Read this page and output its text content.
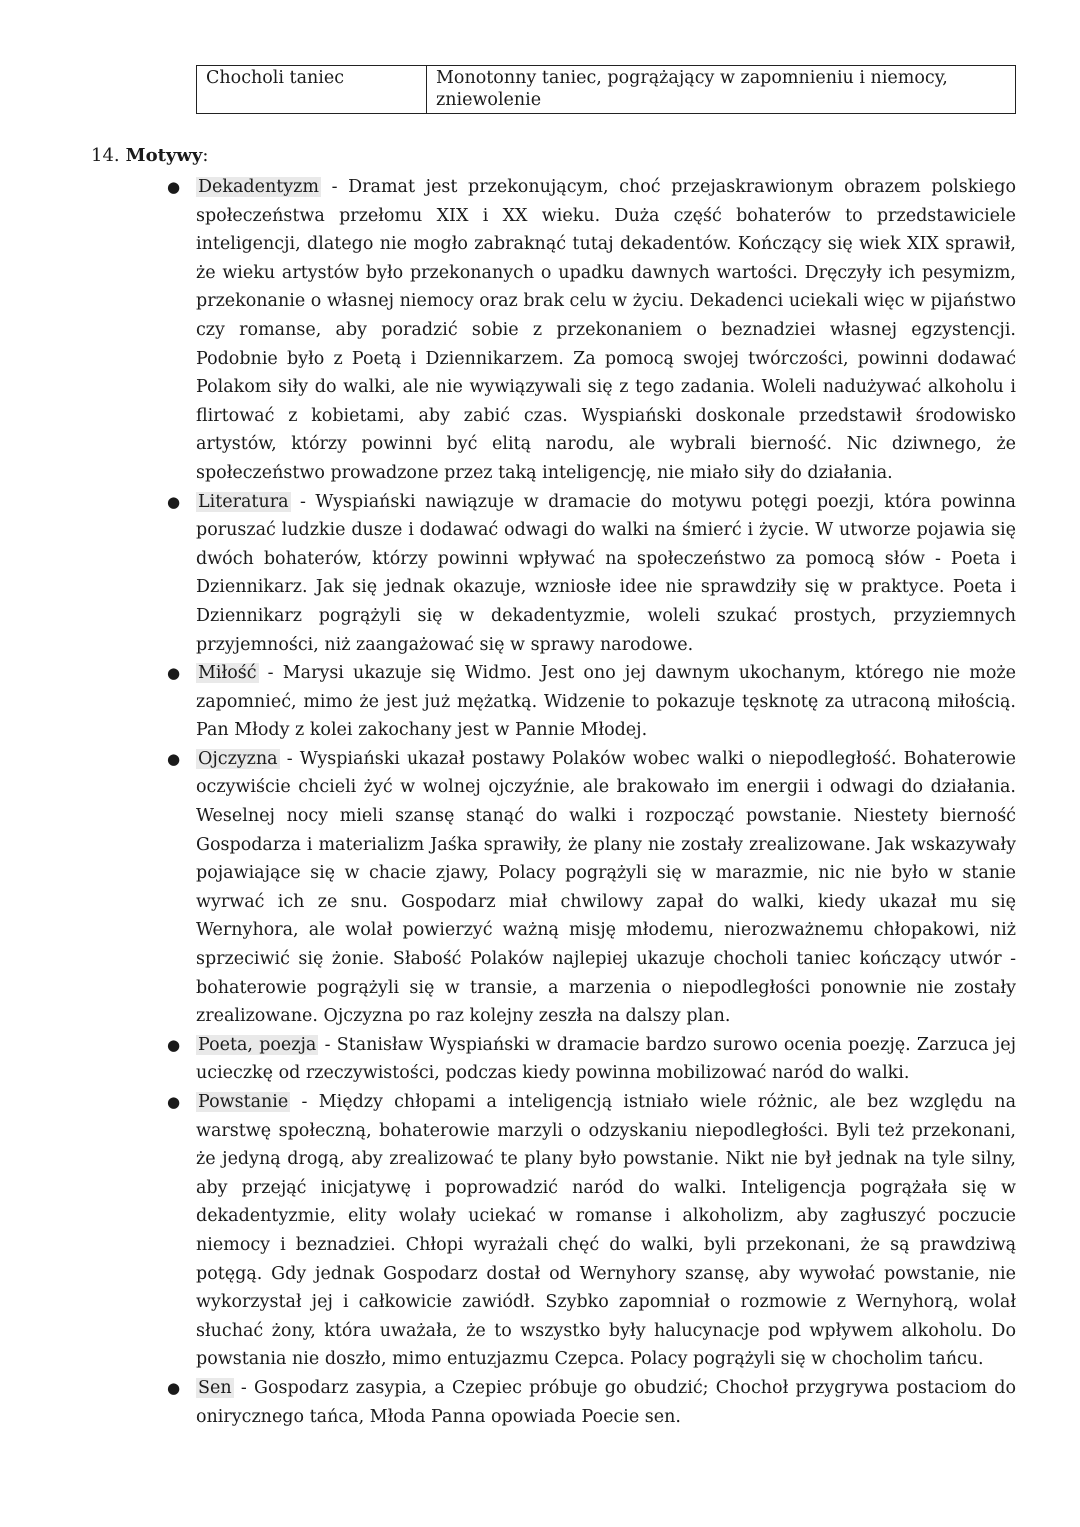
Chocholi taniec	Monotonny taniec, pogrążający w zapomnieniu i niemocy, zniewolenie
14. Motywy:
● Dekadentyzm - Dramat jest przekonującym, choć przejaskrawionym obrazem polskiego społeczeństwa przełomu XIX i XX wieku. Duża część bohaterów to przedstawiciele inteligencji, dlatego nie mogło zabraknąć tutaj dekadentów. Kończący się wiek XIX sprawił, że wieku artystów było przekonanych o upadku dawnych wartości. Dręczyły ich pesymizm, przekonanie o własnej niemocy oraz brak celu w życiu. Dekadenci uciekali więc w pijaństwo czy romanse, aby poradzić sobie z przekonaniem o beznadziei własnej egzystencji. Podobnie było z Poetą i Dziennikarzem. Za pomocą swojej twórczości, powinni dodawać Polakom siły do walki, ale nie wywiązywali się z tego zadania. Woleli nadużywać alkoholu i flirtować z kobietami, aby zabić czas. Wyspiański doskonale przedstawił środowisko artystów, którzy powinni być elitą narodu, ale wybrali bierność. Nic dziwnego, że społeczeństwo prowadzone przez taką inteligencję, nie miało siły do działania.
● Literatura - Wyspiański nawiązuje w dramacie do motywu potęgi poezji, która powinna poruszać ludzkie dusze i dodawać odwagi do walki na śmierć i życie. W utworze pojawia się dwóch bohaterów, którzy powinni wpływać na społeczeństwo za pomocą słów - Poeta i Dziennikarz. Jak się jednak okazuje, wzniosłe idee nie sprawdziły się w praktyce. Poeta i Dziennikarz pogrążyli się w dekadentyzmie, woleli szukać prostych, przyziemnych przyjemności, niż zaangażować się w sprawy narodowe.
● Miłość - Marysi ukazuje się Widmo. Jest ono jej dawnym ukochanym, którego nie może zapomnieć, mimo że jest już mężatką. Widzenie to pokazuje tęsknotę za utraconą miłością. Pan Młody z kolei zakochany jest w Pannie Młodej.
● Ojczyzna - Wyspiański ukazał postawy Polaków wobec walki o niepodległość. Bohaterowie oczywiście chcieli żyć w wolnej ojczyźnie, ale brakowało im energii i odwagi do działania. Weselnej nocy mieli szansę stanąć do walki i rozpocząć powstanie. Niestety bierność Gospodarza i materializm Jaśka sprawiły, że plany nie zostały zrealizowane. Jak wskazywały pojawiające się w chacie zjawy, Polacy pogrążyli się w marazmie, nic nie było w stanie wyrwać ich ze snu. Gospodarz miał chwilowy zapał do walki, kiedy ukazał mu się Wernyhora, ale wolał powierzyć ważną misję młodemu, nierozważnemu chłopakowi, niż sprzeciwić się żonie. Słabość Polaków najlepiej ukazuje chocholi taniec kończący utwór - bohaterowie pogrążyli się w transie, a marzenia o niepodległości ponownie nie zostały zrealizowane. Ojczyzna po raz kolejny zeszła na dalszy plan.
● Poeta, poezja - Stanisław Wyspiański w dramacie bardzo surowo ocenia poezję. Zarzuca jej ucieczkę od rzeczywistości, podczas kiedy powinna mobilizować naród do walki.
● Powstanie - Między chłopami a inteligencją istniało wiele różnic, ale bez względu na warstwę społeczną, bohaterowie marzyli o odzyskaniu niepodległości. Byli też przekonani, że jedyną drogą, aby zrealizować te plany było powstanie. Nikt nie był jednak na tyle silny, aby przejąć inicjatywę i poprowadzić naród do walki. Inteligencja pogrążała się w dekadentyzmie, elity wolały uciekać w romanse i alkoholizm, aby zagłuszyć poczucie niemocy i beznadziei. Chłopi wyrażali chęć do walki, byli przekonani, że są prawdziwą potęgą. Gdy jednak Gospodarz dostał od Wernyhory szansę, aby wywołać powstanie, nie wykorzystał jej i całkowicie zawiódł. Szybko zapomniał o rozmowie z Wernyhorą, wolał słuchać żony, która uważała, że to wszystko były halucynacje pod wpływem alkoholu. Do powstania nie doszło, mimo entuzjazmu Czepca. Polacy pogrążyli się w chocholim tańcu.
● Sen - Gospodarz zasypia, a Czepiec próbuje go obudzić; Chochoł przygrywa postaciom do onirycznego tańca, Młoda Panna opowiada Poecie sen.
